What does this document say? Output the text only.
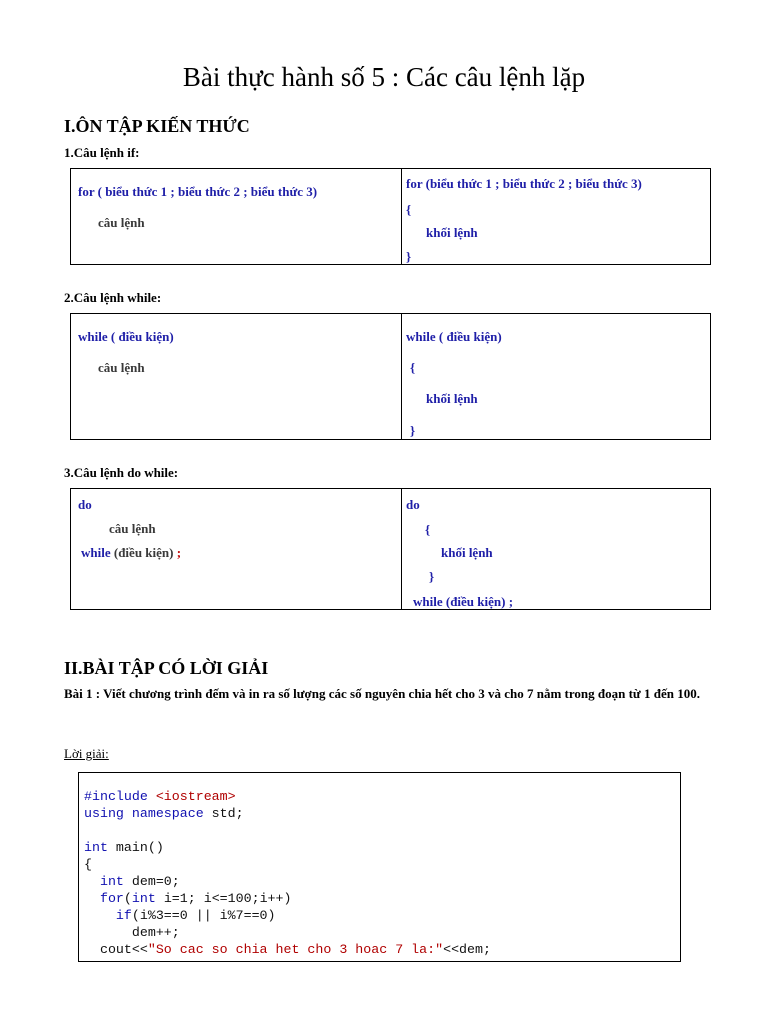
Bài thực hành số 5 : Các câu lệnh lặp
I.ÔN TẬP KIẾN THỨC
1.Câu lệnh if:
for ( biểu thức 1 ; biểu thức 2 ; biểu thức 3)
câu lệnh
for (biểu thức 1 ; biểu thức 2 ; biểu thức 3)
{
khối lệnh
}
2.Câu lệnh while:
while ( điều kiện)
câu lệnh
while ( điều kiện)
{
khối lệnh
}
3.Câu lệnh do while:
do
câu lệnh
while (điều kiện) ;
do
{
khối lệnh
}
while (điều kiện) ;
II.BÀI TẬP CÓ LỜI GIẢI
Bài 1 : Viết chương trình đếm và in ra số lượng các số nguyên chia hết cho 3 và cho 7 nằm trong đoạn từ 1 đến 100.
Lời giải:
#include <iostream>
using namespace std;
int main()
{
int dem=0;
for(int i=1; i<=100;i++)
if(i%3==0 || i%7==0)
dem++;
cout<<"So cac so chia het cho 3 hoac 7 la:"<<dem;
